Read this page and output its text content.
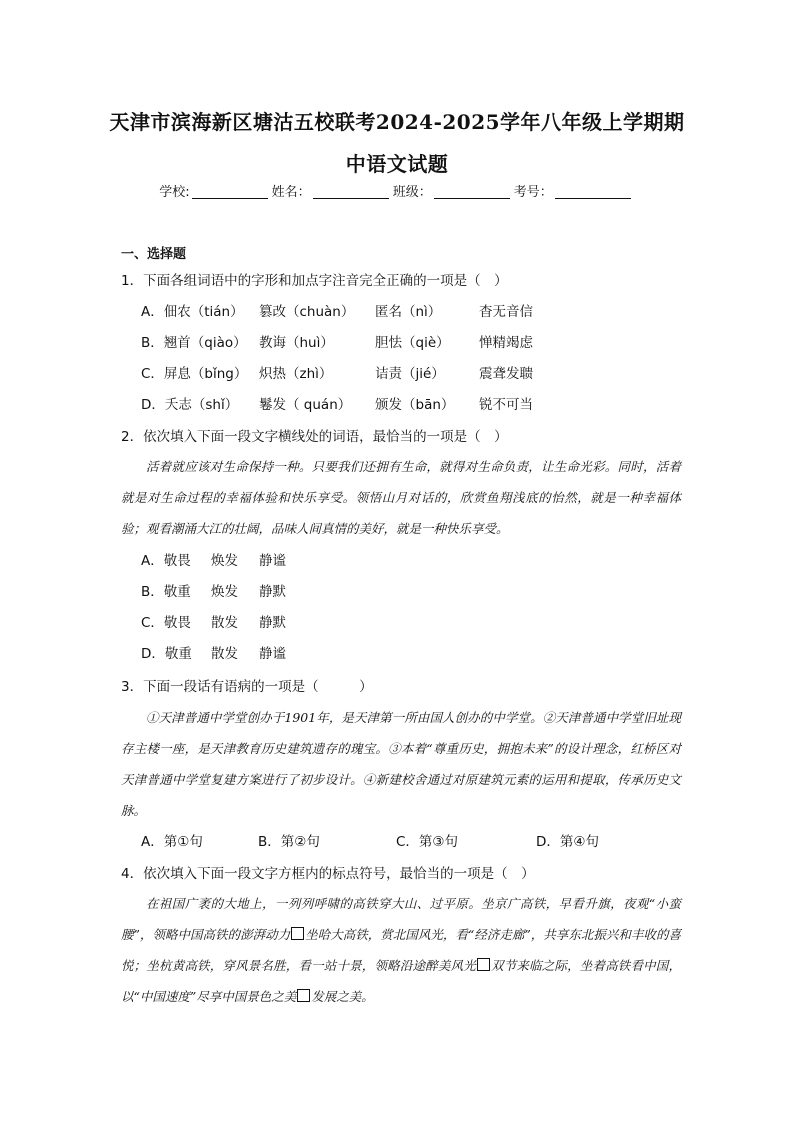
天津市滨海新区塘沽五校联考2024-2025学年八年级上学期期
中语文试题
学校:	姓名：	班级：	考号：
一、选择题
1．下面各组词语中的字形和加点字注音完全正确的一项是（　）
A．佃农（tián） 篡改（chuàn） 匿名（nì）	杳无音信
B．翘首（qiào） 教诲（huì）	胆怯（qiè） 惮精竭虑
C．屏息（bǐng） 炽热（zhì）	诘责（jié）	震聋发聩
D．夭志（shǐ） 鬈发（ quán） 颁发（bān） 锐不可当
2．依次填入下面一段文字横线处的词语，最恰当的一项是（　）
活着就应该对生命保持一种。只要我们还拥有生命，就得对生命负责，让生命光彩。同时，活着就是对生命过程的幸福体验和快乐享受。领悟山月对话的，欣赏鱼翔浅底的怡然，就是一种幸福体验；观看潮涌大江的壮阔，品味人间真情的美好，就是一种快乐享受。
A．敬畏 焕发 静谧
B．敬重 焕发 静默
C．敬畏 散发 静默
D．敬重 散发 静谧
3．下面一段话有语病的一项是（　　　）
①天津普通中学堂创办于1901年，是天津第一所由国人创办的中学堂。②天津普通中学堂旧址现存主楼一座，是天津教育历史建筑遗存的瑰宝。③本着“尊重历史，拥抱未来”的设计理念，红桥区对天津普通中学堂复建方案进行了初步设计。④新建校舍通过对原建筑元素的运用和提取，传承历史文脉。
A．第①句	B．第②句	C．第③句	D．第④句
4．依次填入下面一段文字方框内的标点符号，最恰当的一项是（　）
在祖国广袤的大地上，一列列呼啸的高铁穿大山、过平原。坐京广高铁，早看升旗，夜观“小蛮腰”，领略中国高铁的澎湃动力 坐哈大高铁，赏北国风光，看“经济走廊”，共享东北振兴和丰收的喜悦；坐杭黄高铁，穿风景名胜，看一站十景，领略沿途醉美风光 双节来临之际，坐着高铁看中国，以“中国速度”尽享中国景色之美 发展之美。
